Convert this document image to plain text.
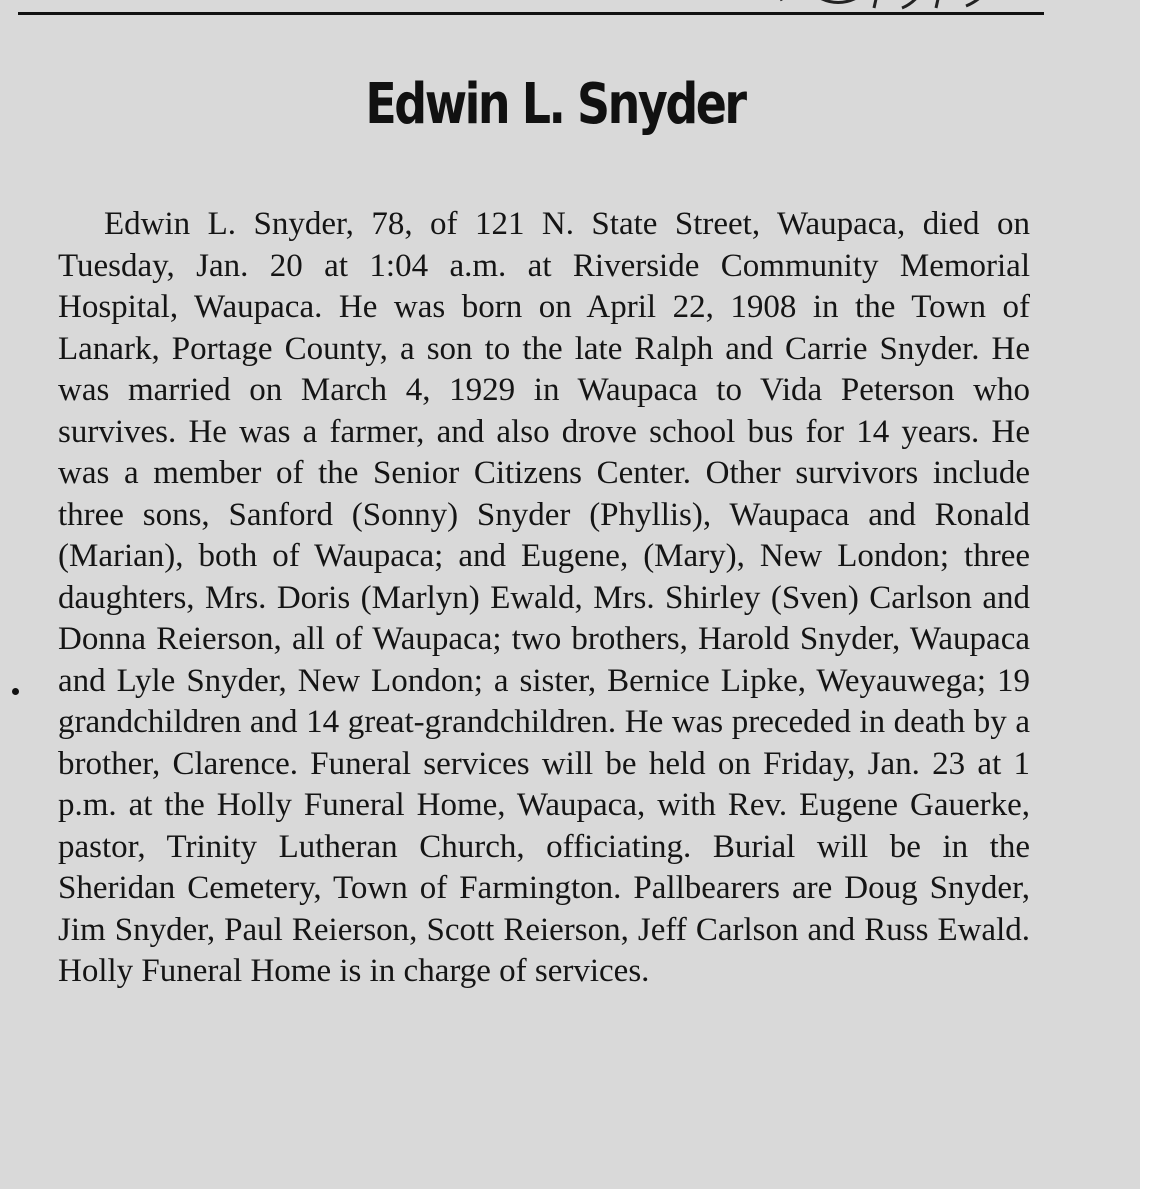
Edwin L. Snyder

Edwin L. Snyder, 78, of 121 N. State Street, Waupaca, died on Tuesday, Jan. 20 at 1:04 a.m. at Riverside Community Memorial Hospital, Waupaca. He was born on April 22, 1908 in the Town of Lanark, Portage County, a son to the late Ralph and Carrie Snyder. He was married on March 4, 1929 in Waupaca to Vida Peterson who survives. He was a farmer, and also drove school bus for 14 years. He was a member of the Senior Citizens Center. Other survivors include three sons, Sanford (Sonny) Snyder (Phyllis), Waupaca and Ronald (Marian), both of Waupaca; and Eugene, (Mary), New London; three daughters, Mrs. Doris (Marlyn) Ewald, Mrs. Shirley (Sven) Carlson and Donna Reierson, all of Waupaca; two brothers, Harold Snyder, Waupaca and Lyle Snyder, New London; a sister, Bernice Lipke, Weyauwega; 19 grandchildren and 14 great-grandchildren. He was preceded in death by a brother, Clarence. Funeral services will be held on Friday, Jan. 23 at 1 p.m. at the Holly Funeral Home, Waupaca, with Rev. Eugene Gauerke, pastor, Trinity Lutheran Church, officiating. Burial will be in the Sheridan Cemetery, Town of Farmington. Pallbearers are Doug Snyder, Jim Snyder, Paul Reierson, Scott Reierson, Jeff Carlson and Russ Ewald. Holly Funeral Home is in charge of services.
